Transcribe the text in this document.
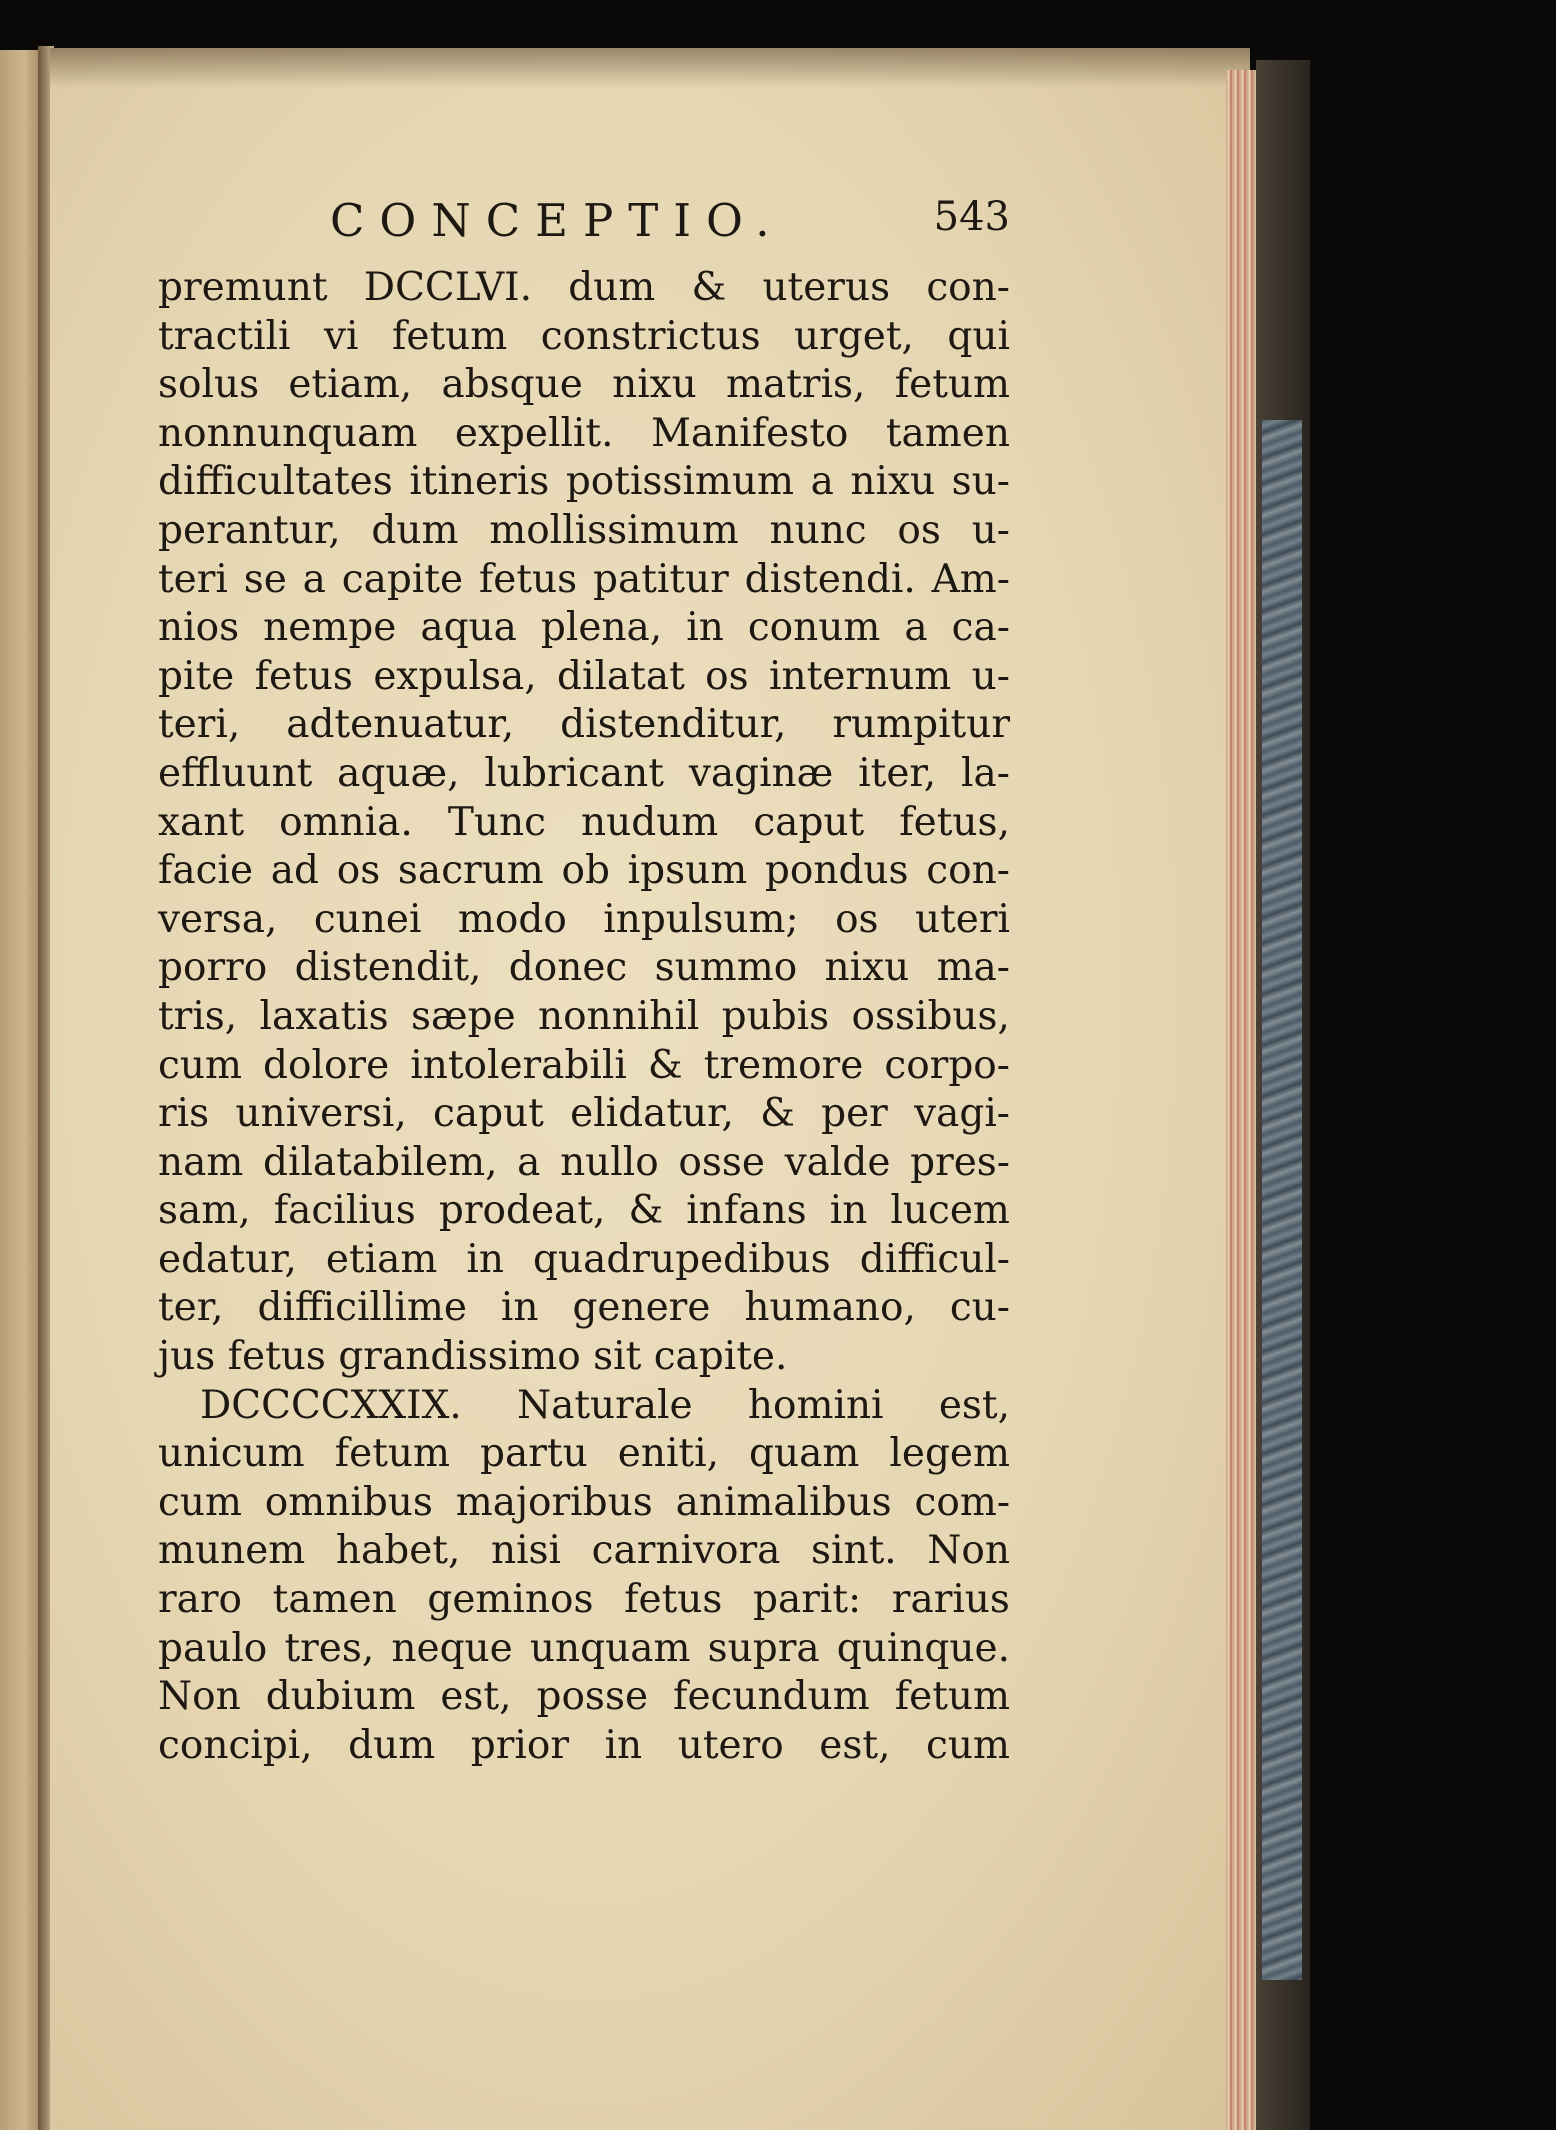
CONCEPTIO.	543
premunt DCCLVI. dum & uterus con-
tractili vi fetum constrictus urget, qui
solus etiam, absque nixu matris, fetum
nonnunquam expellit. Manifesto tamen
difficultates itineris potissimum a nixu su-
perantur, dum mollissimum nunc os u-
teri se a capite fetus patitur distendi. Am-
nios nempe aqua plena, in conum a ca-
pite fetus expulsa, dilatat os internum u-
teri, adtenuatur, distenditur, rumpitur
effluunt aquæ, lubricant vaginæ iter, la-
xant omnia. Tunc nudum caput fetus,
facie ad os sacrum ob ipsum pondus con-
versa, cunei modo inpulsum; os uteri
porro distendit, donec summo nixu ma-
tris, laxatis sæpe nonnihil pubis ossibus,
cum dolore intolerabili & tremore corpo-
ris universi, caput elidatur, & per vagi-
nam dilatabilem, a nullo osse valde pres-
sam, facilius prodeat, & infans in lucem
edatur, etiam in quadrupedibus difficul-
ter, difficillime in genere humano, cu-
jus fetus grandissimo sit capite.
DCCCCXXIX. Naturale homini est,
unicum fetum partu eniti, quam legem
cum omnibus majoribus animalibus com-
munem habet, nisi carnivora sint. Non
raro tamen geminos fetus parit: rarius
paulo tres, neque unquam supra quinque.
Non dubium est, posse fecundum fetum
concipi, dum prior in utero est, cum
